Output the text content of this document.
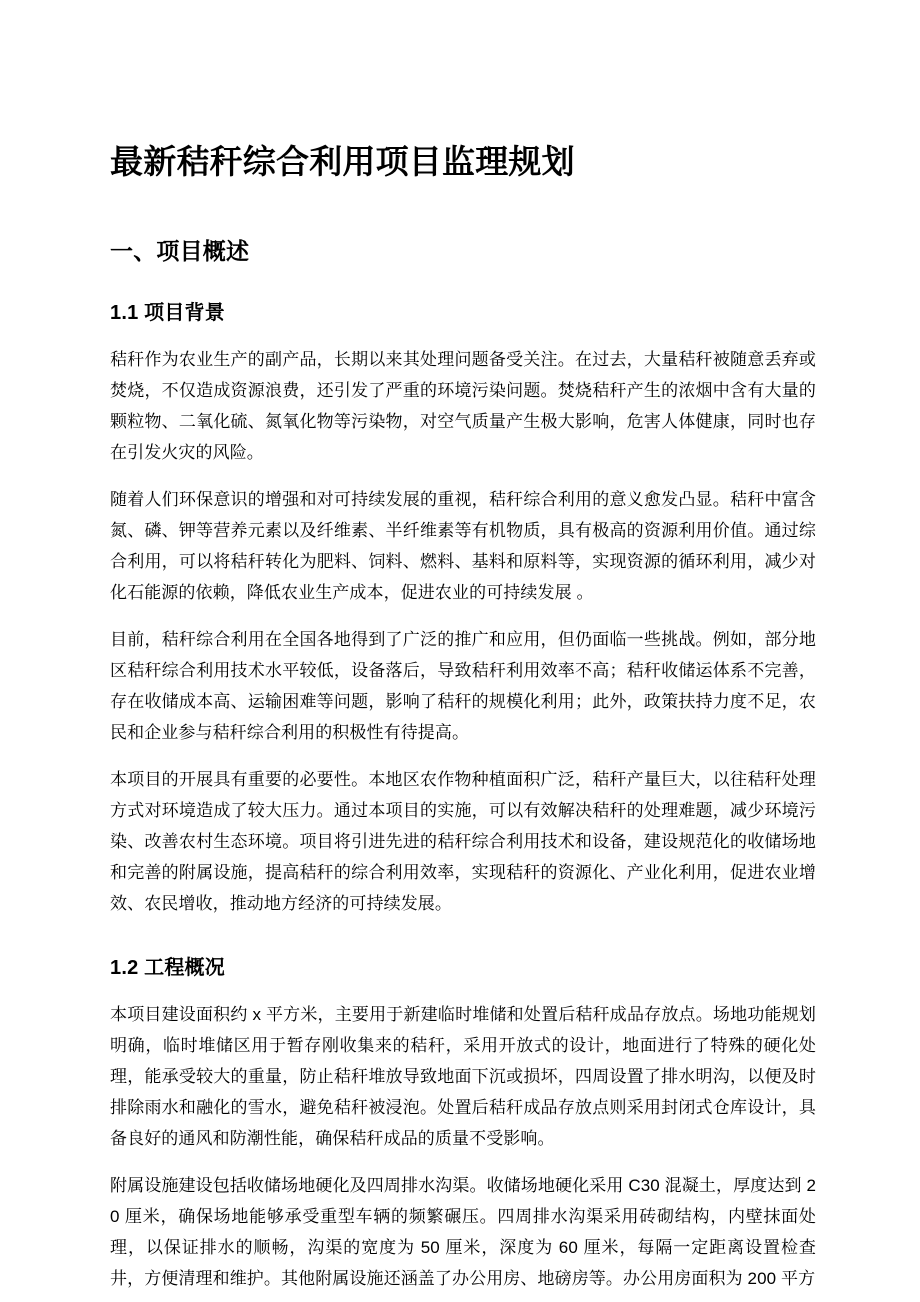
最新秸秆综合利用项目监理规划
一、项目概述
1.1 项目背景

秸秆作为农业生产的副产品，长期以来其处理问题备受关注。在过去，大量秸秆被随意丢弃或焚烧，不仅造成资源浪费，还引发了严重的环境污染问题。焚烧秸秆产生的浓烟中含有大量的颗粒物、二氧化硫、氮氧化物等污染物，对空气质量产生极大影响，危害人体健康，同时也存在引发火灾的风险。

随着人们环保意识的增强和对可持续发展的重视，秸秆综合利用的意义愈发凸显。秸秆中富含氮、磷、钾等营养元素以及纤维素、半纤维素等有机物质，具有极高的资源利用价值。通过综合利用，可以将秸秆转化为肥料、饲料、燃料、基料和原料等，实现资源的循环利用，减少对化石能源的依赖，降低农业生产成本，促进农业的可持续发展 。

目前，秸秆综合利用在全国各地得到了广泛的推广和应用，但仍面临一些挑战。例如，部分地区秸秆综合利用技术水平较低，设备落后，导致秸秆利用效率不高；秸秆收储运体系不完善，存在收储成本高、运输困难等问题，影响了秸秆的规模化利用；此外，政策扶持力度不足，农民和企业参与秸秆综合利用的积极性有待提高。

本项目的开展具有重要的必要性。本地区农作物种植面积广泛，秸秆产量巨大，以往秸秆处理方式对环境造成了较大压力。通过本项目的实施，可以有效解决秸秆的处理难题，减少环境污染、改善农村生态环境。项目将引进先进的秸秆综合利用技术和设备，建设规范化的收储场地和完善的附属设施，提高秸秆的综合利用效率，实现秸秆的资源化、产业化利用，促进农业增效、农民增收，推动地方经济的可持续发展。

1.2 工程概况

本项目建设面积约 x 平方米，主要用于新建临时堆储和处置后秸秆成品存放点。场地功能规划明确，临时堆储区用于暂存刚收集来的秸秆，采用开放式的设计，地面进行了特殊的硬化处理，能承受较大的重量，防止秸秆堆放导致地面下沉或损坏，四周设置了排水明沟，以便及时排除雨水和融化的雪水，避免秸秆被浸泡。处置后秸秆成品存放点则采用封闭式仓库设计，具备良好的通风和防潮性能，确保秸秆成品的质量不受影响。

附属设施建设包括收储场地硬化及四周排水沟渠。收储场地硬化采用 C30 混凝土，厚度达到 20 厘米，确保场地能够承受重型车辆的频繁碾压。四周排水沟渠采用砖砌结构，内壁抹面处理，以保证排水的顺畅，沟渠的宽度为 50 厘米，深度为 60 厘米，每隔一定距离设置检查井，方便清理和维护。其他附属设施还涵盖了办公用房、地磅房等。办公用房面积为 200 平方
